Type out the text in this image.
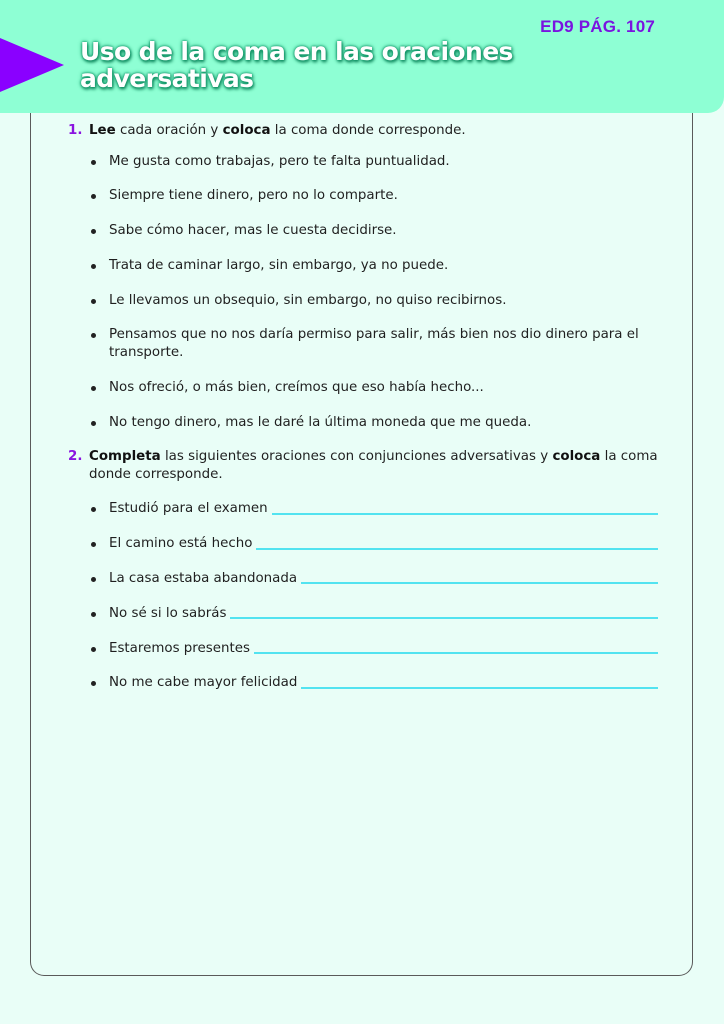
Uso de la coma en las oraciones
adversativas
ED9 PÁG. 107
1. Lee cada oración y coloca la coma donde corresponde.
Me gusta como trabajas, pero te falta puntualidad.
Siempre tiene dinero, pero no lo comparte.
Sabe cómo hacer, mas le cuesta decidirse.
Trata de caminar largo, sin embargo, ya no puede.
Le llevamos un obsequio, sin embargo, no quiso recibirnos.
Pensamos que no nos daría permiso para salir, más bien nos dio dinero para el transporte.
Nos ofreció, o más bien, creímos que eso había hecho...
No tengo dinero, mas le daré la última moneda que me queda.
2. Completa las siguientes oraciones con conjunciones adversativas y coloca la coma donde corresponde.
Estudió para el examen
El camino está hecho
La casa estaba abandonada
No sé si lo sabrás
Estaremos presentes
No me cabe mayor felicidad
